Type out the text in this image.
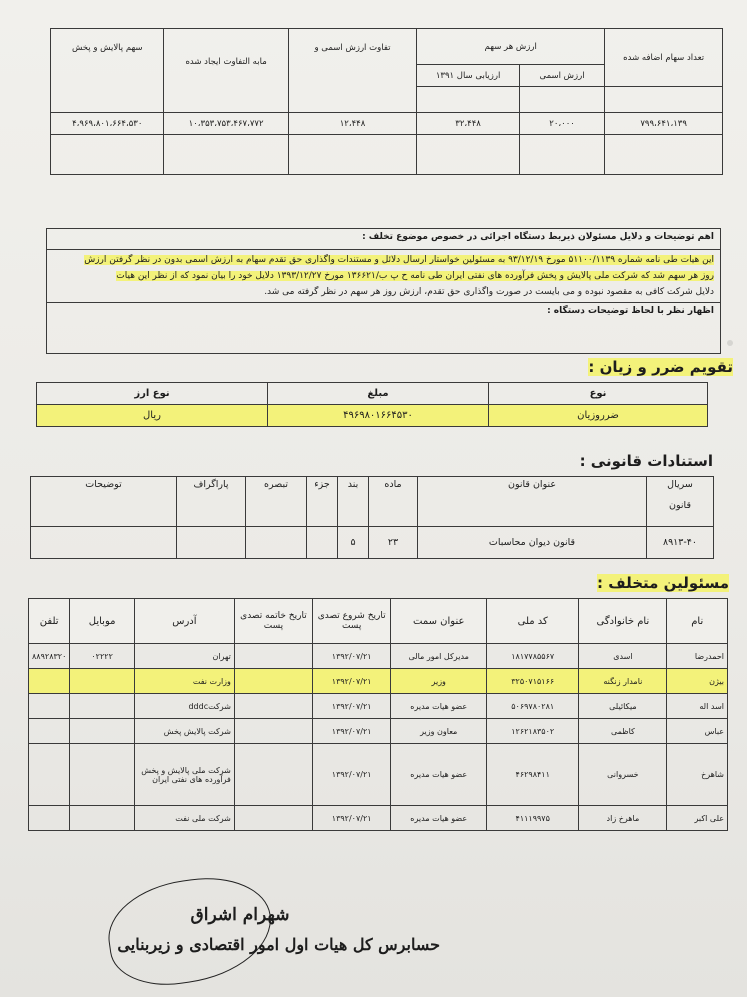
تعداد سهام اضافه شده	ارزش هر سهم		تفاوت ارزش اسمی و	مابه التفاوت ایجاد شده	سهم پالایش و پخش
	ارزش اسمی	ارزیابی سال ۱۳۹۱			

۷۹۹،۶۴۱،۱۳۹	۲۰،۰۰۰	۳۲،۴۴۸	۱۲،۴۴۸	۱۰،۳۵۳،۷۵۳،۴۶۷،۷۷۲	۴،۹۶۹،۸۰۱،۶۶۴،۵۳۰

اهم توضیحات و دلایل مسئولان ذیربط دستگاه اجرائی در خصوص موضوع تخلف :
این هیات طی نامه شماره ۵۱۱۰۰/۱۱۳۹ مورخ ۹۳/۱۲/۱۹ به مسئولین خواستار ارسال دلائل و مستندات واگذاری حق تقدم سهام به ارزش اسمی بدون در نظر گرفتن ارزش
روز هر سهم شد که شرکت ملی پالایش و پخش فرآورده های نفتی ایران طی نامه ح پ ب/۱۳۶۶۲۱ مورخ ۱۳۹۳/۱۲/۲۷ دلایل خود را بیان نمود که از نظر این هیات
دلایل شرکت کافی به مقصود نبوده و می بایست در صورت واگذاری حق تقدم، ارزش روز هر سهم در نظر گرفته می شد.
اظهار نظر با لحاظ توضیحات دستگاه :
تقویم ضرر و زیان :
نوع	مبلغ	نوع ارز
ضرروزیان	۴۹۶۹۸۰۱۶۶۴۵۳۰	ریال
استنادات قانونی :
سریال
قانون	عنوان قانون	ماده	بند	جزء	تبصره	پاراگراف	توضیحات
۸۹۱۳-۴۰	قانون دیوان محاسبات	۲۳	۵				
مسئولین متخلف :
نام	نام خانوادگی	کد ملی	عنوان سمت	تاریخ شروع تصدی پست	تاریخ خاتمه تصدی پست	آدرس	موبایل	تلفن
احمدرضا	اسدی	۱۸۱۷۷۸۵۵۶۷	مدیرکل امور مالی	۱۳۹۲/۰۷/۲۱		تهران	۰۲۲۲۲	۸۸۹۲۸۳۲۰
بیژن	نامدار زنگنه	۳۲۵۰۷۱۵۱۶۶	وزیر	۱۳۹۲/۰۷/۲۱		وزارت نفت		
اسد اله	میکائیلی	۵۰۶۹۷۸۰۲۸۱	عضو هیات مدیره	۱۳۹۲/۰۷/۲۱		شرکتdddc		
عباس	کاظمی	۱۲۶۲۱۸۳۵۰۲	معاون وزیر	۱۳۹۲/۰۷/۲۱		شرکت پالایش پخش		
شاهرخ	خسروانی	۴۶۲۹۸۴۱۱	عضو هیات مدیره	۱۳۹۲/۰۷/۲۱		شرکت ملی پالایش و پخش فرآورده های نفتی ایران		
علی اکبر	ماهرخ زاد	۴۱۱۱۹۹۷۵	عضو هیات مدیره	۱۳۹۲/۰۷/۲۱		شرکت ملی نفت		
شهرام اشراق
حسابرس کل هیات اول امور اقتصادی و زیربنایی
